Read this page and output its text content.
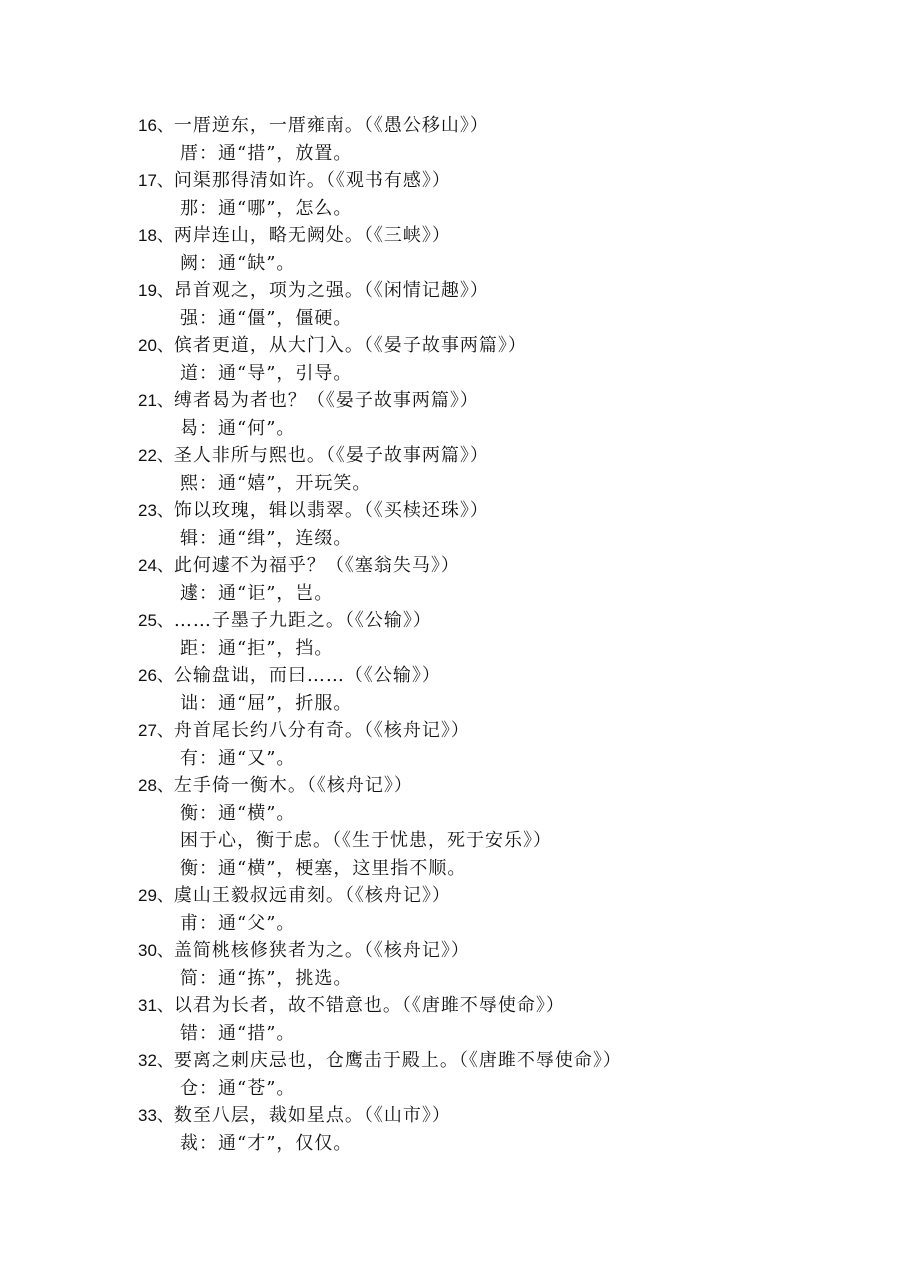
16、一厝逆东，一厝雍南。（《愚公移山》）
厝：通“措”，放置。
17、问渠那得清如许。（《观书有感》）
那：通“哪”，怎么。
18、两岸连山，略无阙处。（《三峡》）
阙：通“缺”。
19、昂首观之，项为之强。（《闲情记趣》）
强：通“僵”，僵硬。
20、傧者更道，从大门入。（《晏子故事两篇》）
道：通“导”，引导。
21、缚者曷为者也？（《晏子故事两篇》）
曷：通“何”。
22、圣人非所与熙也。（《晏子故事两篇》）
熙：通“嬉”，开玩笑。
23、饰以玫瑰，辑以翡翠。（《买椟还珠》）
辑：通“缉”，连缀。
24、此何遽不为福乎？（《塞翁失马》）
遽：通“讵”，岂。
25、……子墨子九距之。（《公输》）
距：通“拒”，挡。
26、公输盘诎，而曰……（《公输》）
诎：通“屈”，折服。
27、舟首尾长约八分有奇。（《核舟记》）
有：通“又”。
28、左手倚一衡木。（《核舟记》）
衡：通“横”。
困于心，衡于虑。（《生于忧患，死于安乐》）
衡：通“横”，梗塞，这里指不顺。
29、虞山王毅叔远甫刻。（《核舟记》）
甫：通“父”。
30、盖简桃核修狭者为之。（《核舟记》）
简：通“拣”，挑选。
31、以君为长者，故不错意也。（《唐雎不辱使命》）
错：通“措”。
32、要离之刺庆忌也，仓鹰击于殿上。（《唐雎不辱使命》）
仓：通“苍”。
33、数至八层，裁如星点。（《山市》）
裁：通“才”，仅仅。
